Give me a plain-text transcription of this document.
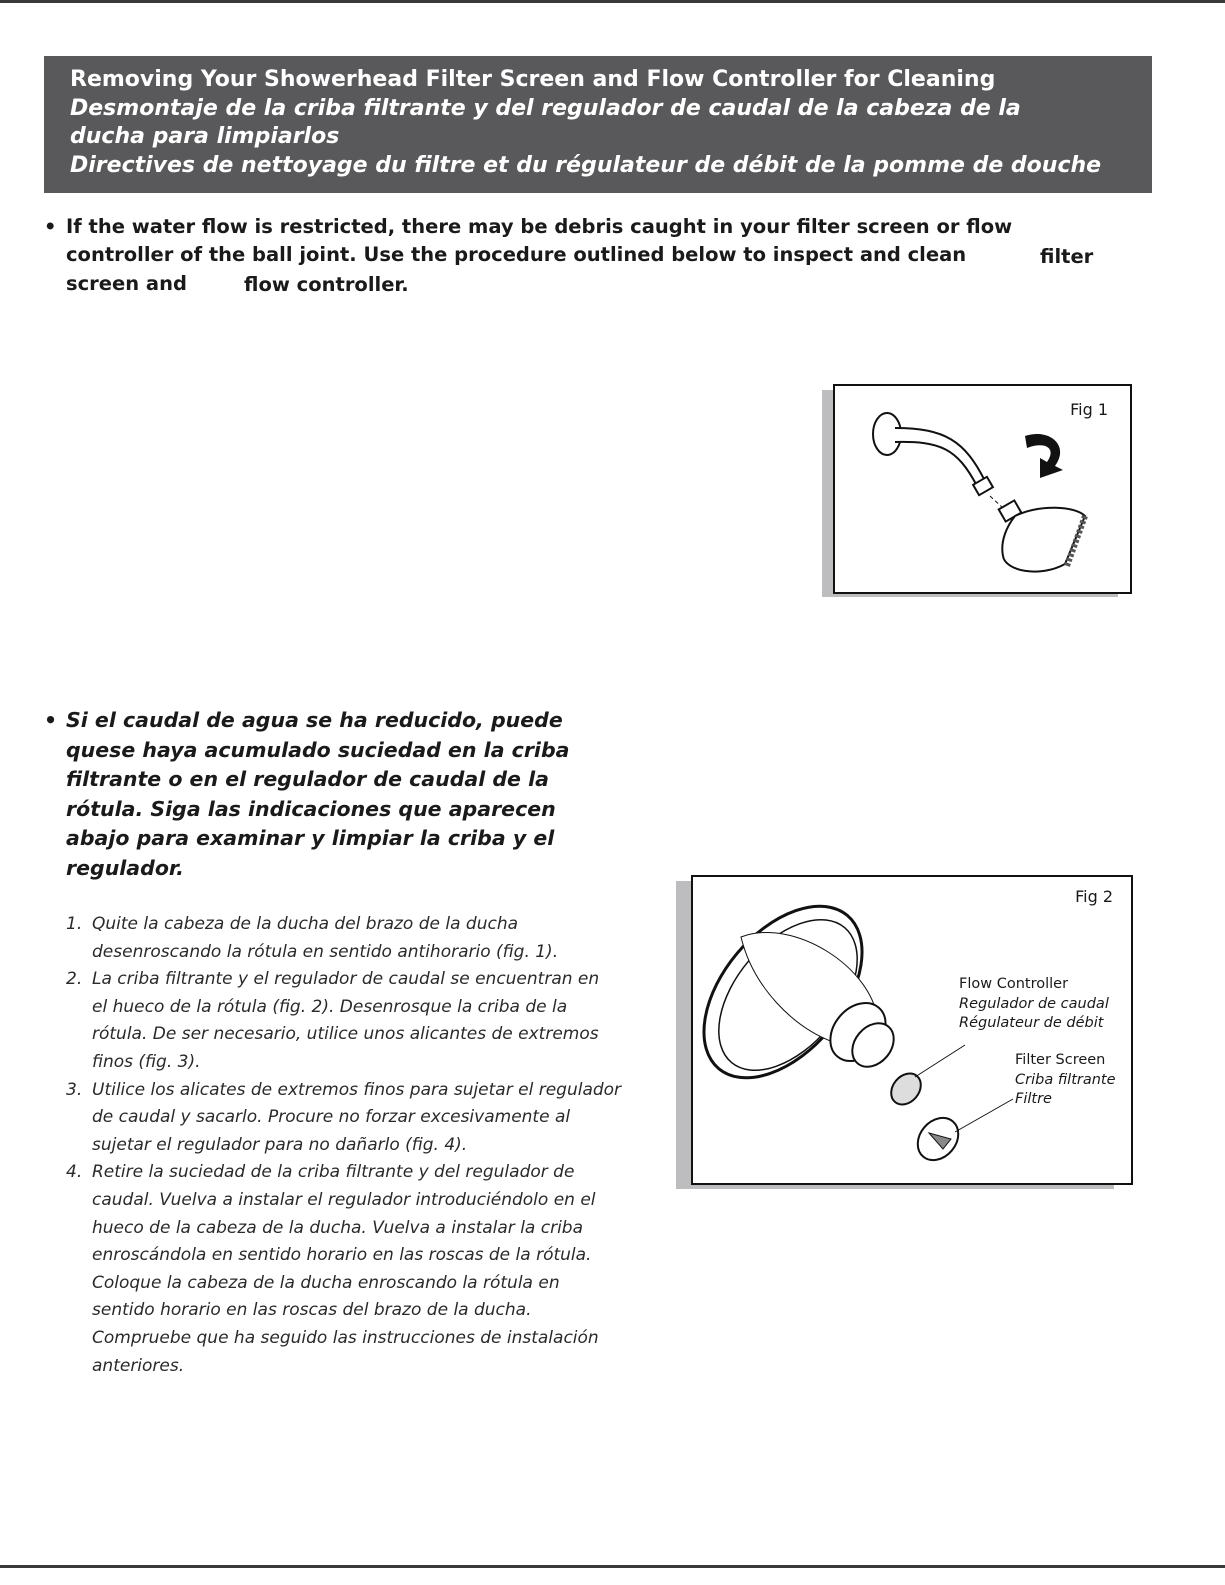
Removing Your Showerhead Filter Screen and Flow Controller for Cleaning
Desmontaje de la criba filtrante y del regulador de caudal de la cabeza de la
ducha para limpiarlos
Directives de nettoyage du filtre et du régulateur de débit de la pomme de douche
• If the water flow is restricted, there may be debris caught in your filter screen or flow
controller of the ball joint. Use the procedure outlined below to inspect and clean	filter
screen and	flow controller.
Fig 1
•
Fig 2
Flow Controller
Regulador de caudal
Régulateur de débit
Filter Screen
Criba filtrante
Filtre
Si el caudal de agua se ha reducido, puede
quese haya acumulado suciedad en la criba
filtrante o en el regulador de caudal de la
rótula. Siga las indicaciones que aparecen
abajo para examinar y limpiar la criba y el
regulador.
1. Quite la cabeza de la ducha del brazo de la ducha
desenroscando la rótula en sentido antihorario (fig. 1).
2. La criba filtrante y el regulador de caudal se encuentran en
el hueco de la rótula (fig. 2). Desenrosque la criba de la
rótula. De ser necesario, utilice unos alicantes de extremos
finos (fig. 3).
3. Utilice los alicates de extremos finos para sujetar el regulador
de caudal y sacarlo. Procure no forzar excesivamente al
sujetar el regulador para no dañarlo (fig. 4).
4. Retire la suciedad de la criba filtrante y del regulador de
caudal. Vuelva a instalar el regulador introduciéndolo en el
hueco de la cabeza de la ducha. Vuelva a instalar la criba
enroscándola en sentido horario en las roscas de la rótula.
Coloque la cabeza de la ducha enroscando la rótula en
sentido horario en las roscas del brazo de la ducha.
Compruebe que ha seguido las instrucciones de instalación
anteriores.
